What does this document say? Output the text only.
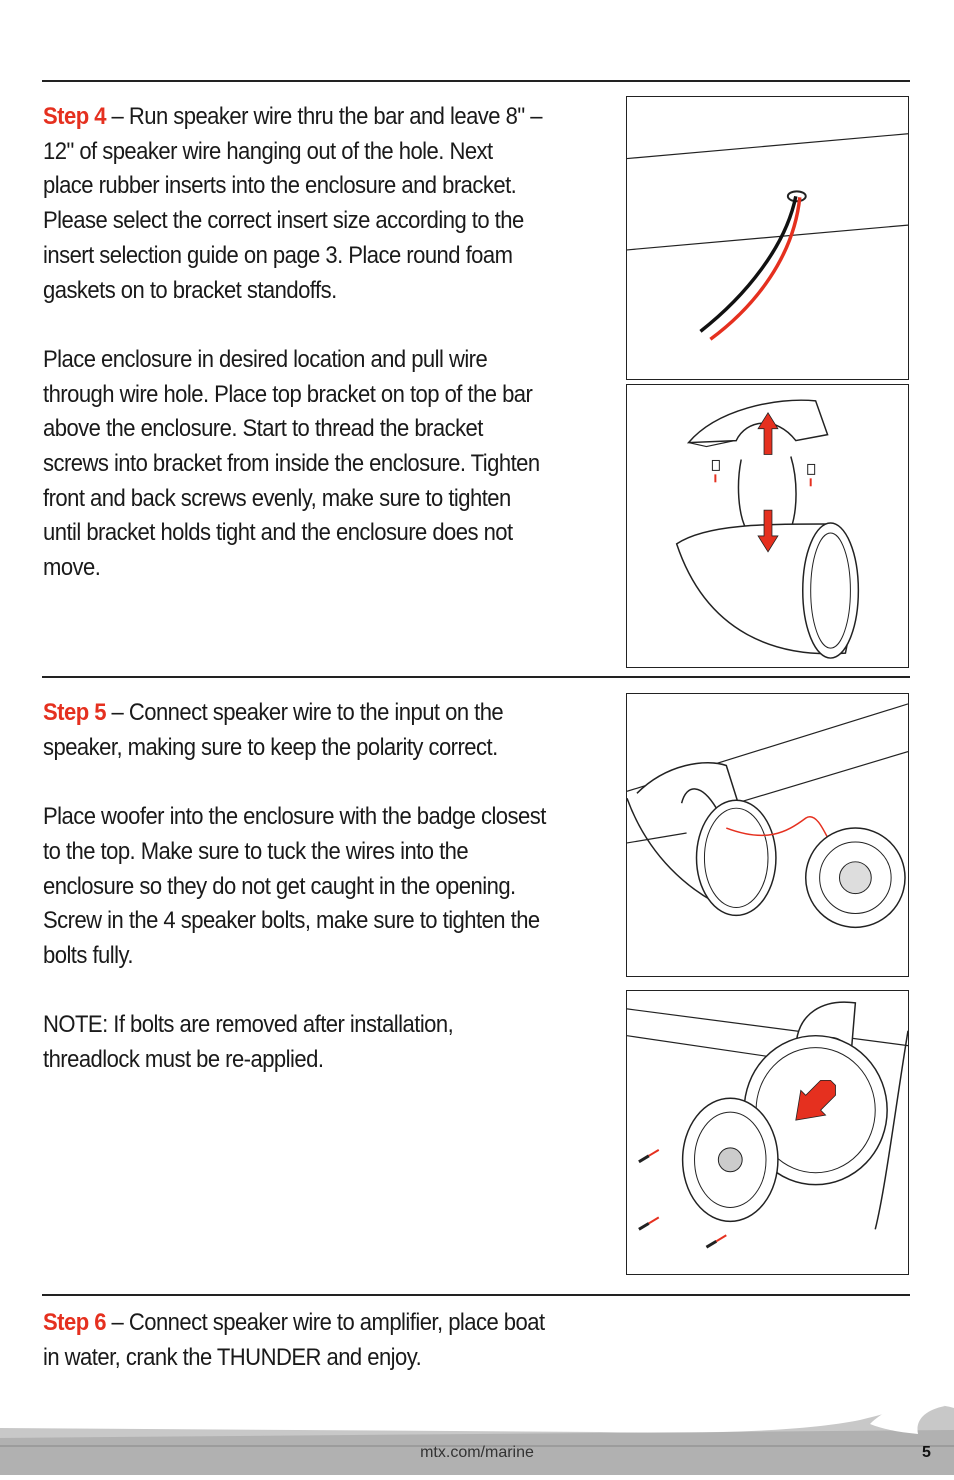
Step 4 – Run speaker wire thru the bar and leave 8" – 12" of speaker wire hanging out of the hole. Next place rubber inserts into the enclosure and bracket. Please select the correct insert size according to the insert selection guide on page 3. Place round foam gaskets on to bracket standoffs.

Place enclosure in desired location and pull wire through wire hole. Place top bracket on top of the bar above the enclosure. Start to thread the bracket screws into bracket from inside the enclosure. Tighten front and back screws evenly, make sure to tighten until bracket holds tight and the enclosure does not move.

Step 5 – Connect speaker wire to the input on the speaker, making sure to keep the polarity correct.

Place woofer into the enclosure with the badge closest to the top. Make sure to tuck the wires into the enclosure so they do not get caught in the opening. Screw in the 4 speaker bolts, make sure to tighten the bolts fully.

NOTE: If bolts are removed after installation, threadlock must be re-applied.

Step 6 – Connect speaker wire to amplifier, place boat in water, crank the THUNDER and enjoy.

mtx.com/marine	5
